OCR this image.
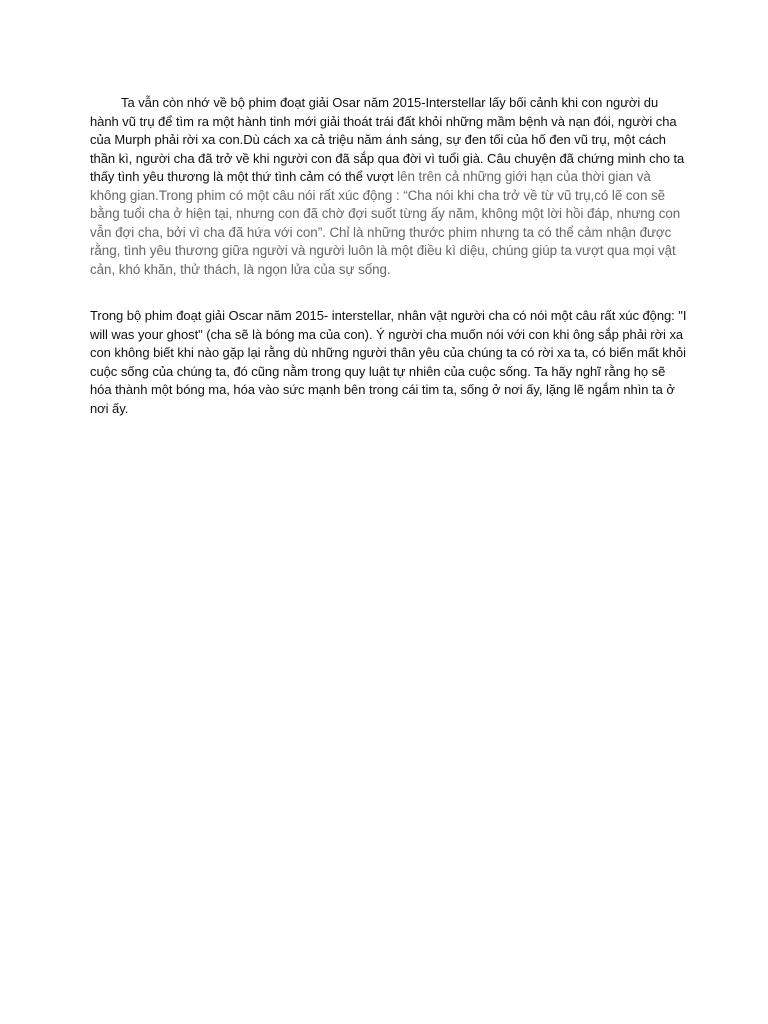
Ta vẫn còn nhớ về bộ phim đoạt giải Osar năm 2015-Interstellar lấy bối cảnh khi con người du hành vũ trụ để tìm ra một hành tinh mới giải thoát trái đất khỏi những mầm bệnh và nạn đói, người cha của Murph phải rời xa con.Dù cách xa cả triệu năm ánh sáng, sự đen tối của hố đen vũ trụ, một cách thần kì, người cha đã trở về khi người con đã sắp qua đời vì tuổi già. Câu chuyện đã chứng minh cho ta thấy tình yêu thương là một thứ tình cảm có thể vượt lên trên cả những giới hạn của thời gian và không gian.Trong phim có một câu nói rất xúc động : “Cha nói khi cha trở về từ vũ trụ,có lẽ con sẽ bằng tuổi cha ở hiện tại, nhưng con đã chờ đợi suốt từng ấy năm, không một lời hồi đáp, nhưng con vẫn đợi cha, bởi vì cha đã hứa với con”. Chỉ là những thước phim nhưng ta có thể cảm nhận được rằng, tình yêu thương giữa người và người luôn là một điều kì diệu, chúng giúp ta vượt qua mọi vật cản, khó khăn, thử thách, là ngọn lửa của sự sống.

Trong bộ phim đoạt giải Oscar năm 2015- interstellar, nhân vật người cha có nói một câu rất xúc động: "I will was your ghost" (cha sẽ là bóng ma của con). Ý người cha muốn nói với con khi ông sắp phải rời xa con không biết khi nào gặp lại rằng dù những người thân yêu của chúng ta có rời xa ta, có biến mất khỏi cuộc sống của chúng ta, đó cũng nằm trong quy luật tự nhiên của cuộc sống. Ta hãy nghĩ rằng họ sẽ hóa thành một bóng ma, hóa vào sức mạnh bên trong cái tim ta, sống ở nơi ấy, lặng lẽ ngắm nhìn ta ở nơi ấy.
